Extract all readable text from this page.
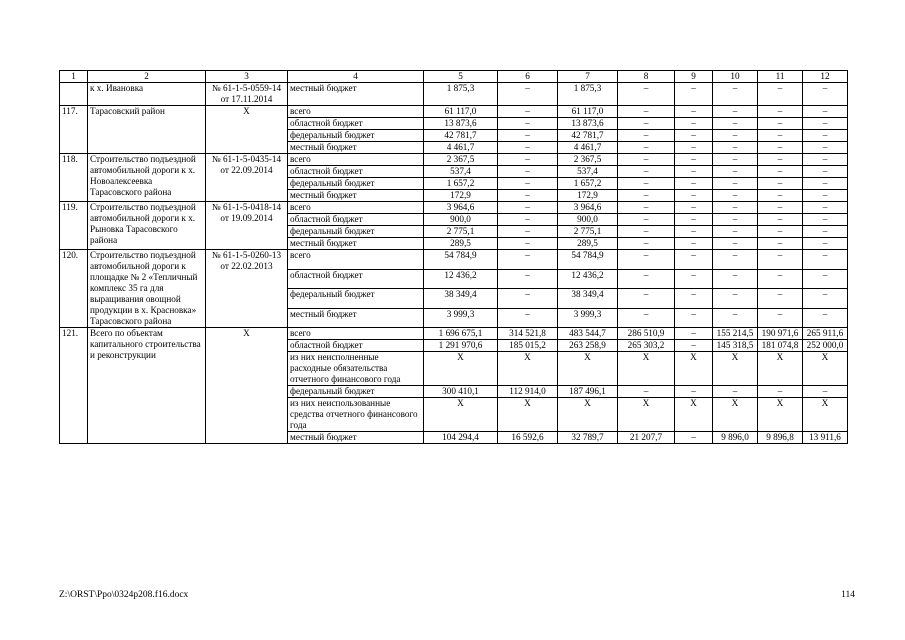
1	2	3	4	5	6	7	8	9	10	11	12
	к х. Ивановка	№ 61-1-5-0559-14 от 17.11.2014	местный бюджет	1 875,3	–	1 875,3	–	–	–	–	–
117.	Тарасовский район	Х	всего	61 117,0	–	61 117,0	–	–	–	–	–
			областной бюджет	13 873,6	–	13 873,6	–	–	–	–	–
			федеральный бюджет	42 781,7	–	42 781,7	–	–	–	–	–
			местный бюджет	4 461,7	–	4 461,7	–	–	–	–	–
118.	Строительство подъездной автомобильной дороги к х. Новоалексеевка Тарасовского района	№ 61-1-5-0435-14 от 22.09.2014	всего	2 367,5	–	2 367,5	–	–	–	–	–
			областной бюджет	537,4	–	537,4	–	–	–	–	–
			федеральный бюджет	1 657,2	–	1 657,2	–	–	–	–	–
			местный бюджет	172,9	–	172,9	–	–	–	–	–
119.	Строительство подъездной автомобильной дороги к х. Рыновка Тарасовского района	№ 61-1-5-0418-14 от 19.09.2014	всего	3 964,6	–	3 964,6	–	–	–	–	–
			областной бюджет	900,0	–	900,0	–	–	–	–	–
			федеральный бюджет	2 775,1	–	2 775,1	–	–	–	–	–
			местный бюджет	289,5	–	289,5	–	–	–	–	–
120.	Строительство подъездной автомобильной дороги к площадке № 2 «Тепличный комплекс 35 га для выращивания овощной продукции в х. Красновка» Тарасовского района	№ 61-1-5-0260-13 от 22.02.2013	всего	54 784,9	–	54 784,9	–	–	–	–	–
			областной бюджет	12 436,2	–	12 436,2	–	–	–	–	–
			федеральный бюджет	38 349,4	–	38 349,4	–	–	–	–	–
			местный бюджет	3 999,3	–	3 999,3	–	–	–	–	–
121.	Всего по объектам капитального строительства и реконструкции	Х	всего	1 696 675,1	314 521,8	483 544,7	286 510,9	–	155 214,5	190 971,6	265 911,6
			областной бюджет	1 291 970,6	185 015,2	263 258,9	265 303,2	–	145 318,5	181 074,8	252 000,0
			из них неисполненные расходные обязательства отчетного финансового года	Х	Х	Х	Х	Х	Х	Х	Х
			федеральный бюджет	300 410,1	112 914,0	187 496,1	–	–	–	–	–
			из них неиспользованные средства отчетного финансового года	Х	Х	Х	Х	Х	Х	Х	Х
			местный бюджет	104 294,4	16 592,6	32 789,7	21 207,7	–	9 896,0	9 896,8	13 911,6
Z:\ORST\Ppo\0324p208.f16.docx	114
